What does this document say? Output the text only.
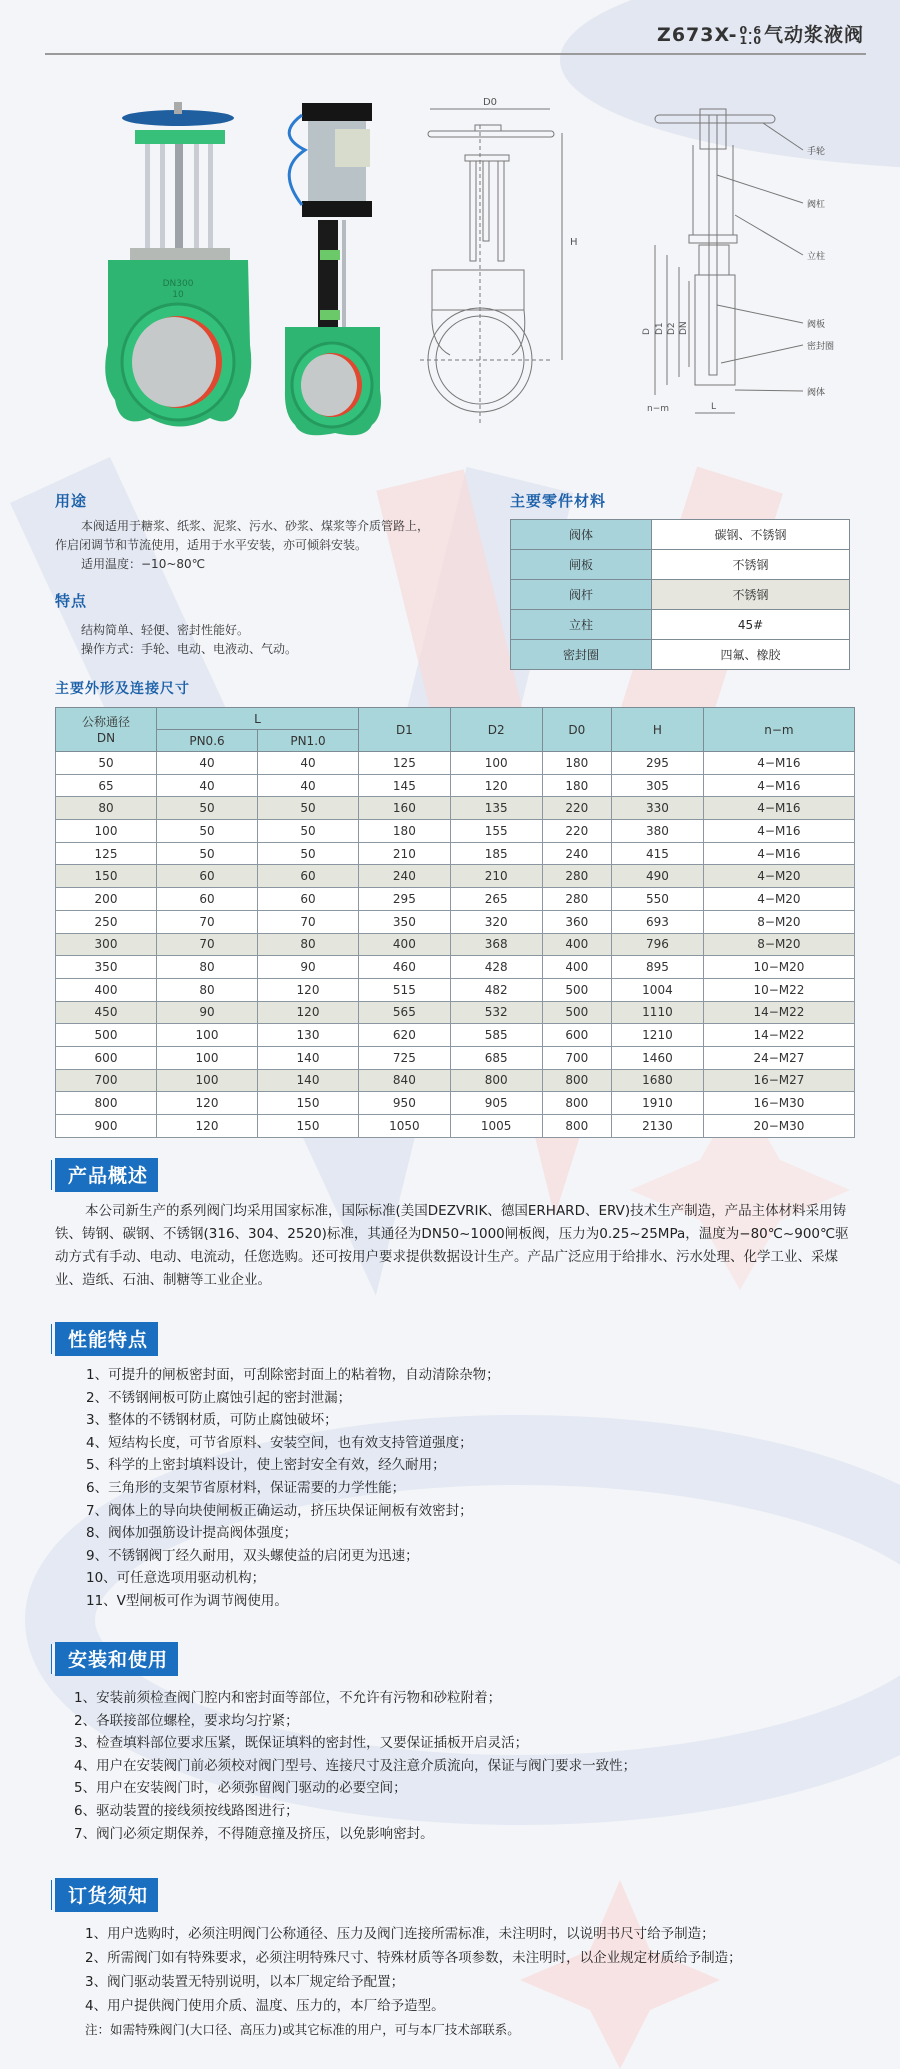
Z673X- 0.6
1.0 气动浆液阀
DN300
10
D0
H
D D1 D2 DN
n−m	L
手轮
阀杠
立柱
阀板
密封圈
阀体
用途

本阀适用于糖浆、纸浆、泥浆、污水、砂浆、煤浆等介质管路上，

作启闭调节和节流使用，适用于水平安装，亦可倾斜安装。

适用温度：−10~80℃

特点

结构简单、轻便、密封性能好。

操作方式：手轮、电动、电液动、气动。

主要零件材料
阀体	碳钢、不锈钢
闸板	不锈钢
阀杆	不锈钢
立柱	45#
密封圈	四氟、橡胶
主要外形及连接尺寸
公称通径
DN	L		D1	D2	D0	H	n−m
	PN0.6	PN1.0					
50	40	40	125	100	180	295	4−M16
65	40	40	145	120	180	305	4−M16
80	50	50	160	135	220	330	4−M16
100	50	50	180	155	220	380	4−M16
125	50	50	210	185	240	415	4−M16
150	60	60	240	210	280	490	4−M20
200	60	60	295	265	280	550	4−M20
250	70	70	350	320	360	693	8−M20
300	70	80	400	368	400	796	8−M20
350	80	90	460	428	400	895	10−M20
400	80	120	515	482	500	1004	10−M22
450	90	120	565	532	500	1110	14−M22
500	100	130	620	585	600	1210	14−M22
600	100	140	725	685	700	1460	24−M27
700	100	140	840	800	800	1680	16−M27
800	120	150	950	905	800	1910	16−M30
900	120	150	1050	1005	800	2130	20−M30
产品概述

本公司新生产的系列阀门均采用国家标准，国际标准(美国DEZVRIK、德国ERHARD、ERV)技术生产制造，产品主体材料采用铸铁、铸钢、碳钢、不锈钢(316、304、2520)标准，其通径为DN50~1000闸板阀，压力为0.25~25MPa，温度为−80℃~900℃驱动方式有手动、电动、电流动，任您选购。还可按用户要求提供数据设计生产。产品广泛应用于给排水、污水处理、化学工业、采煤业、造纸、石油、制糖等工业企业。

性能特点
1、可提升的闸板密封面，可刮除密封面上的粘着物，自动清除杂物；
2、不锈钢闸板可防止腐蚀引起的密封泄漏；
3、整体的不锈钢材质，可防止腐蚀破坏；
4、短结构长度，可节省原料、安装空间，也有效支持管道强度；
5、科学的上密封填料设计，使上密封安全有效，经久耐用；
6、三角形的支架节省原材料，保证需要的力学性能；
7、阀体上的导向块使闸板正确运动，挤压块保证闸板有效密封；
8、阀体加强筋设计提高阀体强度；
9、不锈钢阀丁经久耐用，双头螺使益的启闭更为迅速；
10、可任意选项用驱动机构；
11、V型闸板可作为调节阀使用。
安装和使用
1、安装前须检查阀门腔内和密封面等部位，不允许有污物和砂粒附着；
2、各联接部位螺栓，要求均匀拧紧；
3、检查填料部位要求压紧，既保证填料的密封性，又要保证插板开启灵活；
4、用户在安装阀门前必须校对阀门型号、连接尺寸及注意介质流向，保证与阀门要求一致性；
5、用户在安装阀门时，必须弥留阀门驱动的必要空间；
6、驱动装置的接线须按线路图进行；
7、阀门必须定期保养，不得随意撞及挤压，以免影响密封。
订货须知

1、用户选购时，必须注明阀门公称通径、压力及阀门连接所需标准，未注明时，以说明书尺寸给予制造；

2、所需阀门如有特殊要求，必须注明特殊尺寸、特殊材质等各项参数，未注明时，以企业规定材质给予制造；

3、阀门驱动装置无特别说明，以本厂规定给予配置；

4、用户提供阀门使用介质、温度、压力的，本厂给予造型。

注：如需特殊阀门(大口径、高压力)或其它标准的用户，可与本厂技术部联系。
